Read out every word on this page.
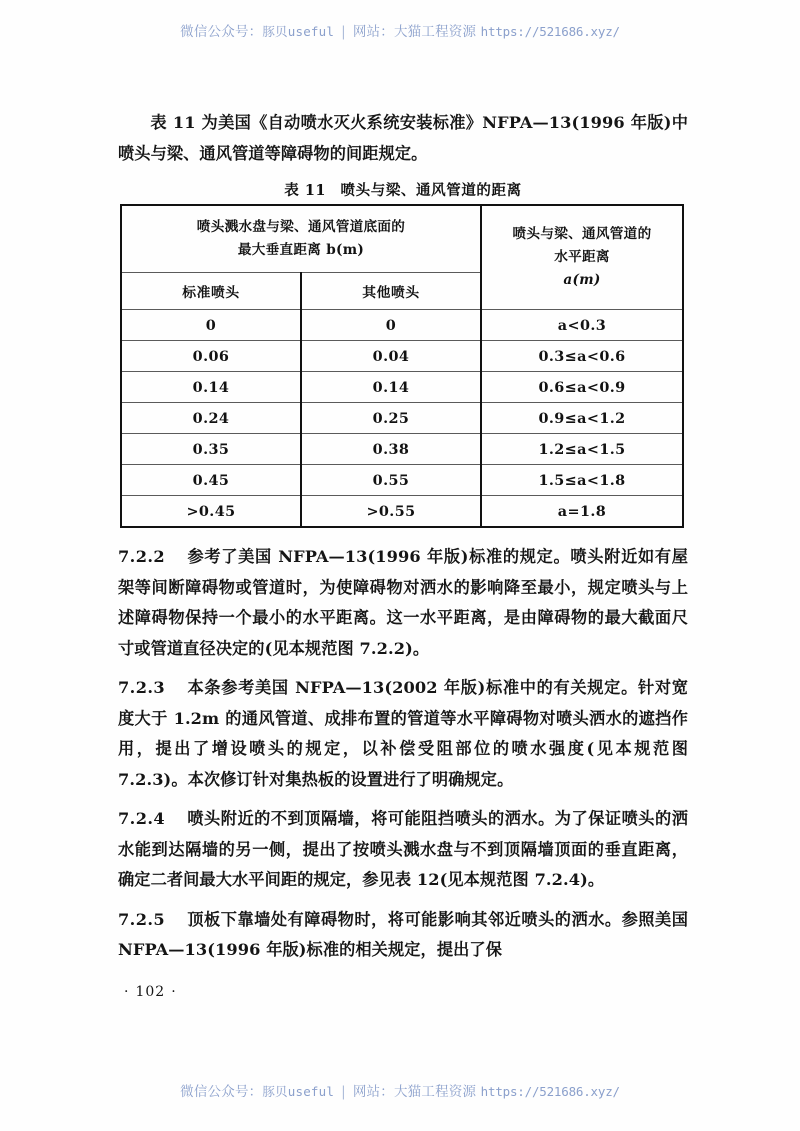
微信公众号：豚贝useful | 网站：大猫工程资源 https://521686.xyz/

表 11 为美国《自动喷水灭火系统安装标准》NFPA—13(1996 年版)中喷头与梁、通风管道等障碍物的间距规定。

表 11 喷头与梁、通风管道的距离
喷头溅水盘与梁、通风管道底面的
最大垂直距离 b(m)

喷头与梁、通风管道的
水平距离
a(m)

标准喷头	其他喷头	
0	0	a<0.3
0.06	0.04	0.3≤a<0.6
0.14	0.14	0.6≤a<0.9
0.24	0.25	0.9≤a<1.2
0.35	0.38	1.2≤a<1.5
0.45	0.55	1.5≤a<1.8
>0.45	>0.55	a=1.8

7.2.2 参考了美国 NFPA—13(1996 年版)标准的规定。喷头附近如有屋架等间断障碍物或管道时，为使障碍物对洒水的影响降至最小，规定喷头与上述障碍物保持一个最小的水平距离。这一水平距离，是由障碍物的最大截面尺寸或管道直径决定的(见本规范图 7.2.2)。

7.2.3 本条参考美国 NFPA—13(2002 年版)标准中的有关规定。针对宽度大于 1.2m 的通风管道、成排布置的管道等水平障碍物对喷头洒水的遮挡作用，提出了增设喷头的规定，以补偿受阻部位的喷水强度(见本规范图 7.2.3)。本次修订针对集热板的设置进行了明确规定。

7.2.4 喷头附近的不到顶隔墙，将可能阻挡喷头的洒水。为了保证喷头的洒水能到达隔墙的另一侧，提出了按喷头溅水盘与不到顶隔墙顶面的垂直距离，确定二者间最大水平间距的规定，参见表 12(见本规范图 7.2.4)。

7.2.5 顶板下靠墙处有障碍物时，将可能影响其邻近喷头的洒水。参照美国 NFPA—13(1996 年版)标准的相关规定，提出了保

· 102 ·
微信公众号：豚贝useful | 网站：大猫工程资源 https://521686.xyz/
